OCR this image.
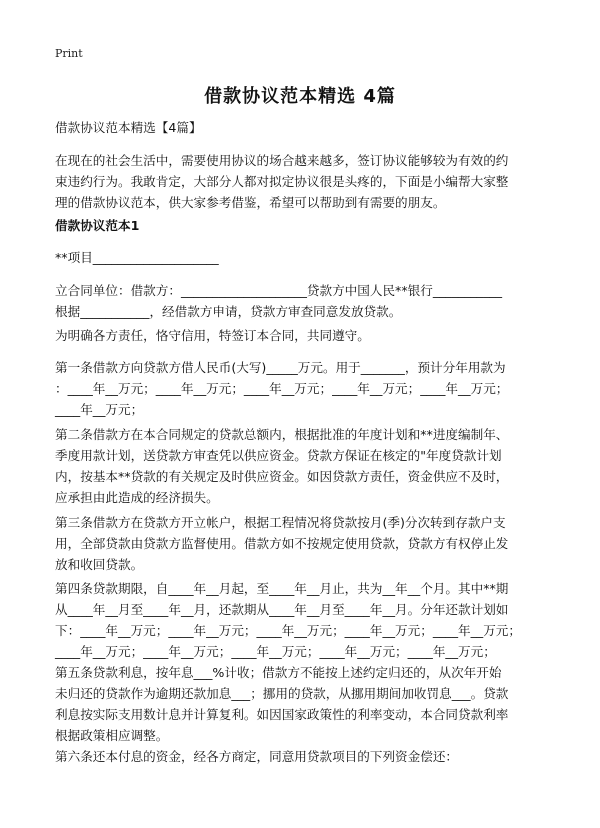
Print
借款协议范本精选 4篇

借款协议范本精选【4篇】

在现在的社会生活中，需要使用协议的场合越来越多，签订协议能够较为有效的约

束违约行为。我敢肯定，大部分人都对拟定协议很是头疼的，下面是小编帮大家整

理的借款协议范本，供大家参考借鉴，希望可以帮助到有需要的朋友。

借款协议范本1
**项目____________________

立合同单位：借款方：____________________贷款方中国人民**银行___________

根据___________，经借款方申请，贷款方审查同意发放贷款。

为明确各方责任，恪守信用，特签订本合同，共同遵守。

第一条借款方向贷款方借人民币(大写)_____万元。用于_______，预计分年用款为

：____年__万元；____年__万元；____年__万元；____年__万元；____年__万元；

____年__万元；

第二条借款方在本合同规定的贷款总额内，根据批准的年度计划和**进度编制年、

季度用款计划，送贷款方审查凭以供应资金。贷款方保证在核定的"年度贷款计划

内，按基本**贷款的有关规定及时供应资金。如因贷款方责任，资金供应不及时，

应承担由此造成的经济损失。

第三条借款方在贷款方开立帐户，根据工程情况将贷款按月(季)分次转到存款户支

用，全部贷款由贷款方监督使用。借款方如不按规定使用贷款，贷款方有权停止发

放和收回贷款。

第四条贷款期限，自____年__月起，至____年__月止，共为__年__个月。其中**期

从____年__月至____年__月，还款期从____年__月至____年__月。分年还款计划如

下：____年__万元；____年__万元；____年__万元；____年__万元；____年__万元；

____年__万元；____年__万元；____年__万元；____年__万元；____年__万元；

第五条贷款利息，按年息___%计收；借款方不能按上述约定归还的，从次年开始

未归还的贷款作为逾期还款加息___；挪用的贷款，从挪用期间加收罚息___。贷款

利息按实际支用数计息并计算复利。如因国家政策性的利率变动，本合同贷款利率

根据政策相应调整。

第六条还本付息的资金，经各方商定，同意用贷款项目的下列资金偿还：
